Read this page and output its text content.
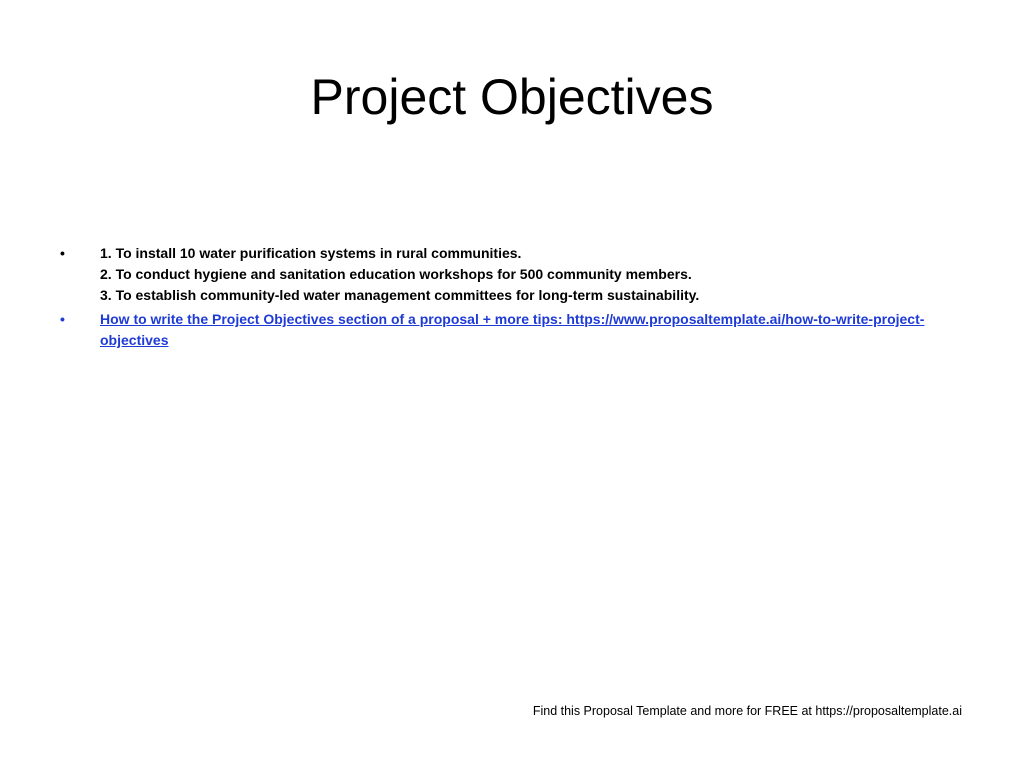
Project Objectives
•	1. To install 10 water purification systems in rural communities.
2. To conduct hygiene and sanitation education workshops for 500 community members.
3. To establish community-led water management committees for long-term sustainability.
•	How to write the Project Objectives section of a proposal + more tips: https://www.proposaltemplate.ai/how-to-write-project-objectives
Find this Proposal Template and more for FREE at https://proposaltemplate.ai
